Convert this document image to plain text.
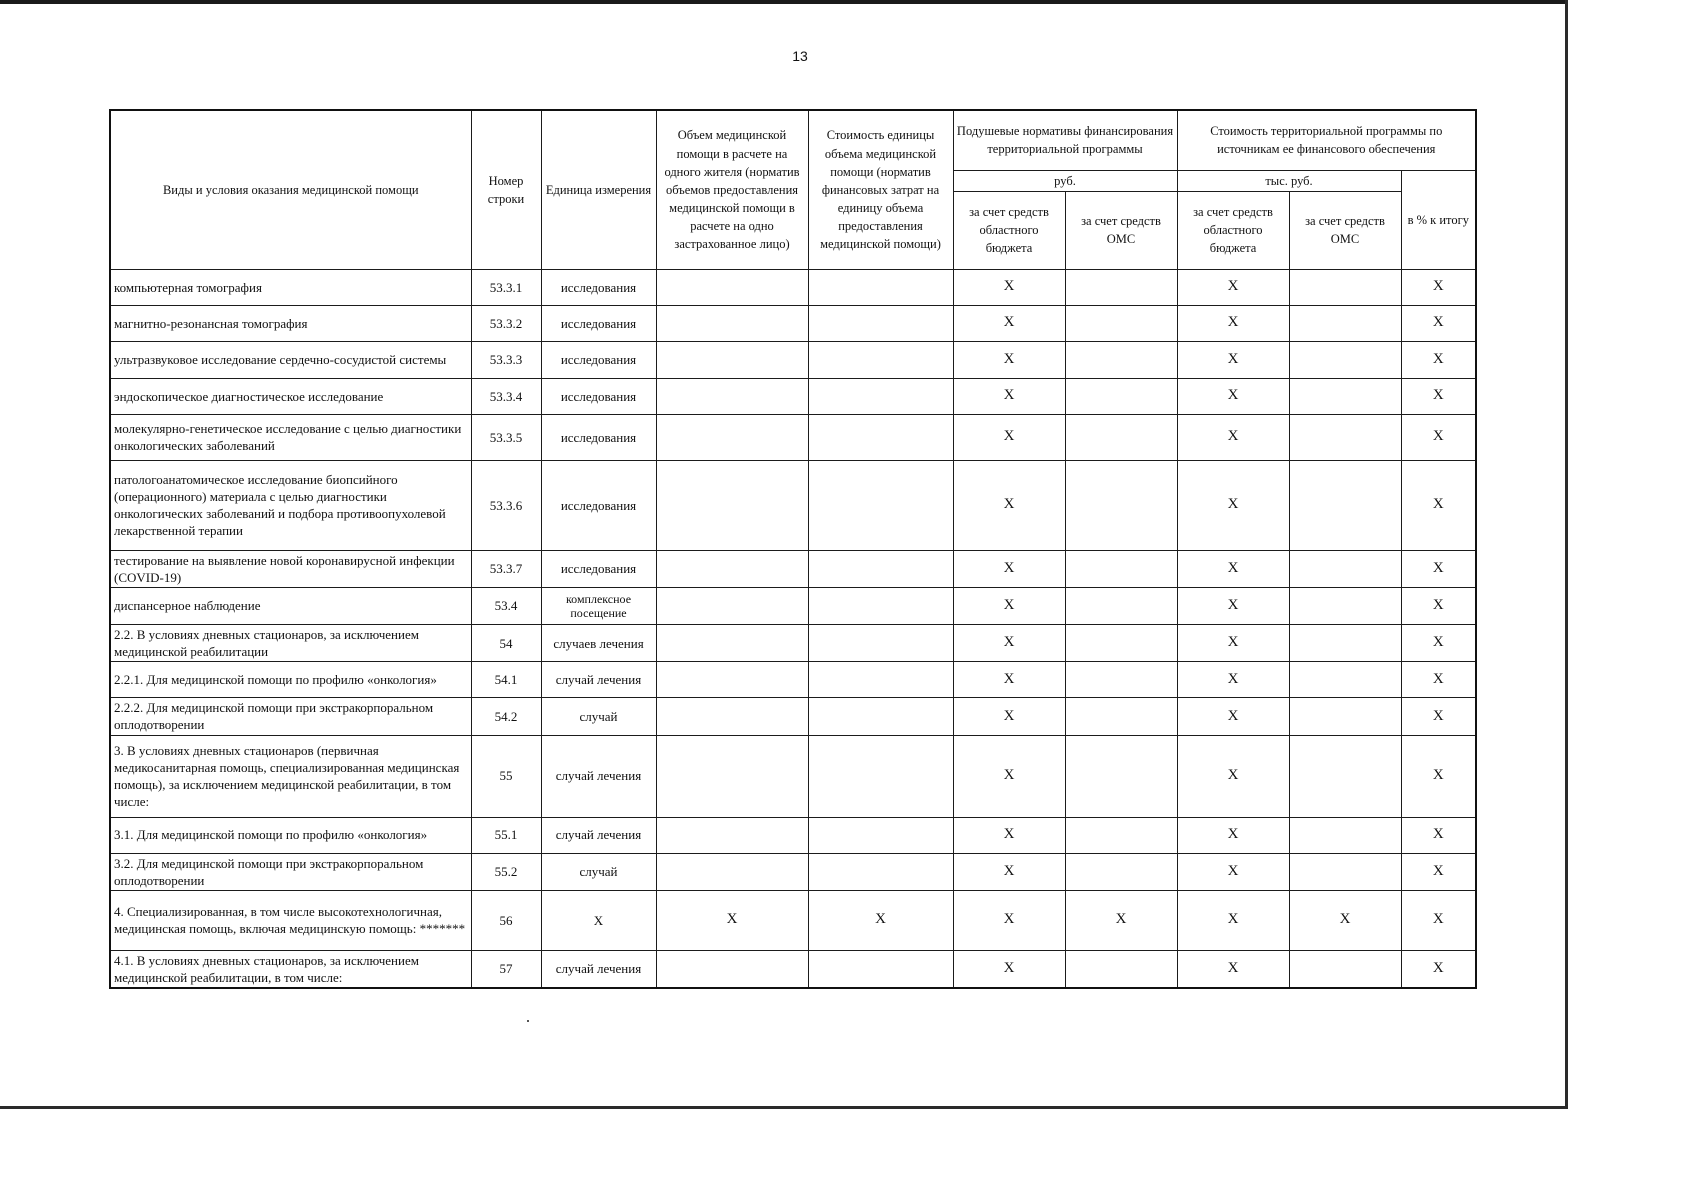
13
Виды и условия оказания медицинской помощи	Номер строки	Единица измерения	Объем медицинской помощи в расчете на одного жителя (норматив объемов предоставления медицинской помощи в расчете на одно застрахованное лицо)	Стоимость единицы объема медицинской помощи (норматив финансовых затрат на единицу объема предоставления медицинской помощи)	Подушевые нормативы финансирования территориальной программы		Стоимость территориальной программы по источникам ее финансового обеспечения		
					руб.		тыс. руб.		в % к итогу
					за счет средств областного бюджета	за счет средств ОМС	за счет средств областного бюджета	за счет средств ОМС	
компьютерная томография	53.3.1	исследования			Х		Х		Х
магнитно-резонансная томография	53.3.2	исследования			Х		Х		Х
ультразвуковое исследование сердечно-сосудистой системы	53.3.3	исследования			Х		Х		Х
эндоскопическое диагностическое исследование	53.3.4	исследования			Х		Х		Х
молекулярно-генетическое исследование с целью диагностики онкологических заболеваний	53.3.5	исследования			Х		Х		Х
патологоанатомическое исследование биопсийного (операционного) материала с целью диагностики онкологических заболеваний и подбора противоопухолевой лекарственной терапии	53.3.6	исследования			Х		Х		Х
тестирование на выявление новой коронавирусной инфекции (COVID-19)	53.3.7	исследования			Х		Х		Х
диспансерное наблюдение	53.4	комплексное посещение			Х		Х		Х
2.2. В условиях дневных стационаров, за исключением медицинской реабилитации	54	случаев лечения			Х		Х		Х
2.2.1. Для медицинской помощи по профилю «онкология»	54.1	случай лечения			Х		Х		Х
2.2.2. Для медицинской помощи при экстракорпоральном оплодотворении	54.2	случай			Х		Х		Х
3. В условиях дневных стационаров (первичная медикосанитарная помощь, специализированная медицинская помощь), за исключением медицинской реабилитации, в том числе:	55	случай лечения			Х		Х		Х
3.1. Для медицинской помощи по профилю «онкология»	55.1	случай лечения			Х		Х		Х
3.2. Для медицинской помощи при экстракорпоральном оплодотворении	55.2	случай			Х		Х		Х
4. Специализированная, в том числе высокотехнологичная, медицинская помощь, включая медицинскую помощь: *******	56	Х	Х	Х	Х	Х	Х	Х	Х
4.1. В условиях дневных стационаров, за исключением медицинской реабилитации, в том числе:	57	случай лечения			Х		Х		Х
